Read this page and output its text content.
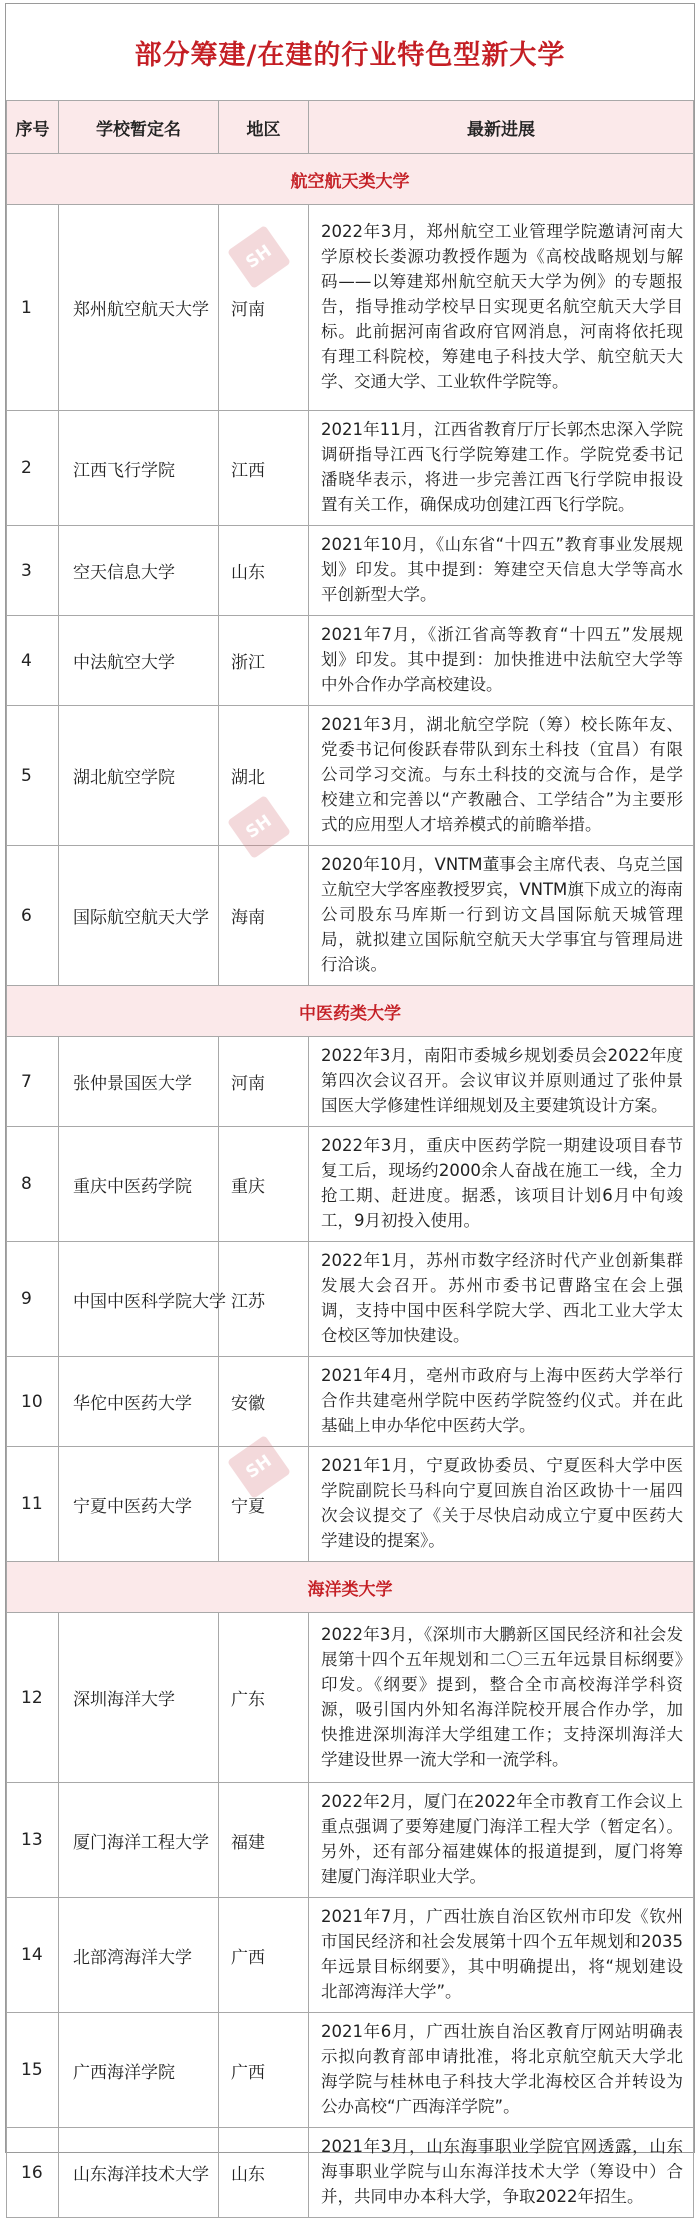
部分筹建/在建的行业特色型新大学
序号	学校暂定名	地区	最新进展
航空航天类大学			
1	郑州航空航天大学	河南	2022年3月，郑州航空工业管理学院邀请河南大学原校长娄源功教授作题为《高校战略规划与解码——以筹建郑州航空航天大学为例》的专题报告，指导推动学校早日实现更名航空航天大学目标。此前据河南省政府官网消息，河南将依托现有理工科院校，筹建电子科技大学、航空航天大学、交通大学、工业软件学院等。
2	江西飞行学院	江西	2021年11月，江西省教育厅厅长郭杰忠深入学院调研指导江西飞行学院筹建工作。学院党委书记潘晓华表示，将进一步完善江西飞行学院申报设置有关工作，确保成功创建江西飞行学院。
3	空天信息大学	山东	2021年10月，《山东省“十四五”教育事业发展规划》印发。其中提到：筹建空天信息大学等高水平创新型大学。
4	中法航空大学	浙江	2021年7月，《浙江省高等教育“十四五”发展规划》印发。其中提到：加快推进中法航空大学等中外合作办学高校建设。
5	湖北航空学院	湖北	2021年3月，湖北航空学院（筹）校长陈年友、党委书记何俊跃春带队到东土科技（宜昌）有限公司学习交流。与东土科技的交流与合作，是学校建立和完善以“产教融合、工学结合”为主要形式的应用型人才培养模式的前瞻举措。
6	国际航空航天大学	海南	2020年10月，VNTM董事会主席代表、乌克兰国立航空大学客座教授罗宾，VNTM旗下成立的海南公司股东马库斯一行到访文昌国际航天城管理局，就拟建立国际航空航天大学事宜与管理局进行洽谈。
中医药类大学			
7	张仲景国医大学	河南	2022年3月，南阳市委城乡规划委员会2022年度第四次会议召开。会议审议并原则通过了张仲景国医大学修建性详细规划及主要建筑设计方案。
8	重庆中医药学院	重庆	2022年3月，重庆中医药学院一期建设项目春节复工后，现场约2000余人奋战在施工一线，全力抢工期、赶进度。据悉，该项目计划6月中旬竣工，9月初投入使用。
9	中国中医科学院大学	江苏	2022年1月，苏州市数字经济时代产业创新集群发展大会召开。苏州市委书记曹路宝在会上强调，支持中国中医科学院大学、西北工业大学太仓校区等加快建设。
10	华佗中医药大学	安徽	2021年4月，亳州市政府与上海中医药大学举行合作共建亳州学院中医药学院签约仪式。并在此基础上申办华佗中医药大学。
11	宁夏中医药大学	宁夏	2021年1月，宁夏政协委员、宁夏医科大学中医学院副院长马科向宁夏回族自治区政协十一届四次会议提交了《关于尽快启动成立宁夏中医药大学建设的提案》。
海洋类大学			
12	深圳海洋大学	广东	2022年3月，《深圳市大鹏新区国民经济和社会发展第十四个五年规划和二〇三五年远景目标纲要》印发。《纲要》提到，整合全市高校海洋学科资源，吸引国内外知名海洋院校开展合作办学，加快推进深圳海洋大学组建工作；支持深圳海洋大学建设世界一流大学和一流学科。
13	厦门海洋工程大学	福建	2022年2月，厦门在2022年全市教育工作会议上重点强调了要筹建厦门海洋工程大学（暂定名）。另外，还有部分福建媒体的报道提到，厦门将筹建厦门海洋职业大学。
14	北部湾海洋大学	广西	2021年7月，广西壮族自治区钦州市印发《钦州市国民经济和社会发展第十四个五年规划和2035年远景目标纲要》，其中明确提出，将“规划建设北部湾海洋大学”。
15	广西海洋学院	广西	2021年6月，广西壮族自治区教育厅网站明确表示拟向教育部申请批准，将北京航空航天大学北海学院与桂林电子科技大学北海校区合并转设为公办高校“广西海洋学院”。
16	山东海洋技术大学	山东	2021年3月，山东海事职业学院官网透露，山东海事职业学院与山东海洋技术大学（筹设中）合并，共同申办本科大学，争取2022年招生。
SH
SH
SH
